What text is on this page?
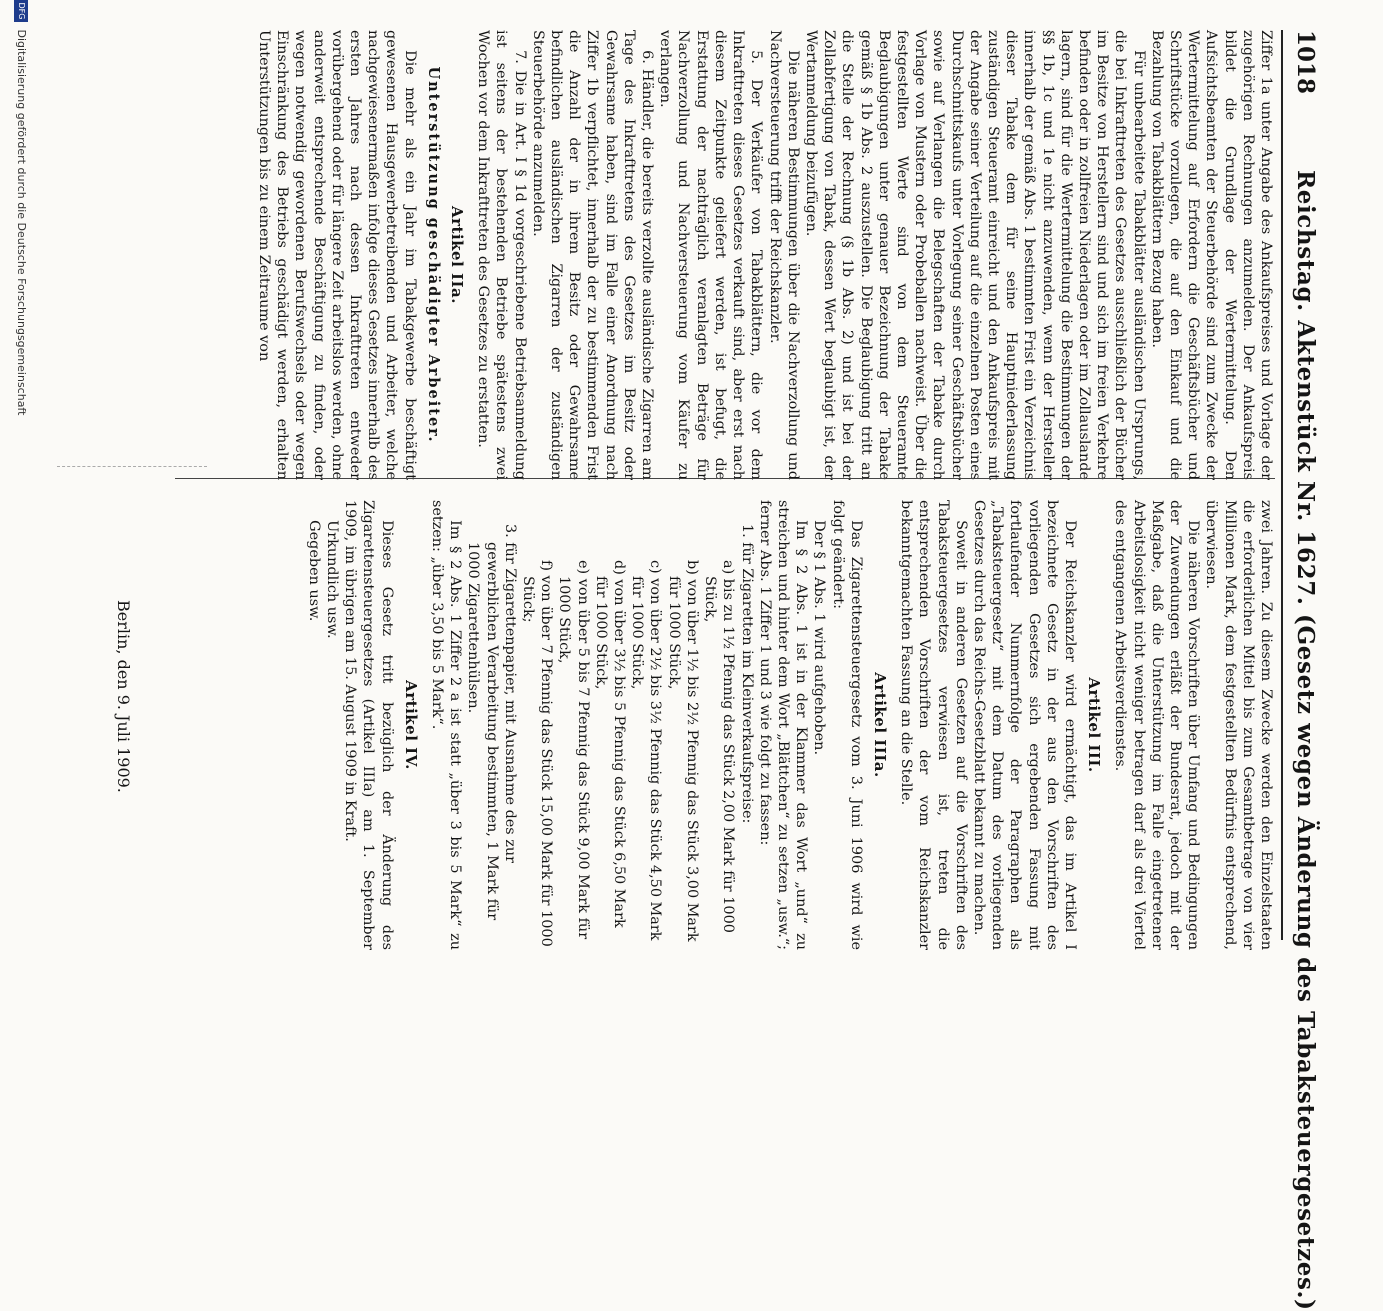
1018
Reichstag. Aktenstück Nr. 1627. (Gesetz wegen Änderung des Tabaksteuergesetzes.)

Ziffer 1a unter Angabe des Ankaufspreises und Vorlage der zugehörigen Rechnungen anzumelden. Der Ankaufspreis bildet die Grundlage der Wertermittelung. Den Aufsichtsbeamten der Steuerbehörde sind zum Zwecke der Wertermittelung auf Erfordern die Geschäftsbücher und Schriftstücke vorzulegen, die auf den Einkauf und die Bezahlung von Tabakblättern Bezug haben.

Für unbearbeitete Tabakblätter ausländischen Ursprungs, die bei Inkrafttreten des Gesetzes ausschließlich der Bücher im Besitze von Herstellern sind und sich im freien Verkehre befinden oder in zollfreien Niederlagen oder im Zollauslande lagern, sind für die Wertermittelung die Bestimmungen der §§ 1b, 1c und 1e nicht anzuwenden, wenn der Hersteller innerhalb der gemäß Abs. 1 bestimmten Frist ein Verzeichnis dieser Tabake dem für seine Hauptniederlassung zuständigen Steueramt einreicht und den Ankaufspreis mit der Angabe seiner Verteilung auf die einzelnen Posten eines Durchschnittskaufs unter Vorlegung seiner Geschäftsbücher sowie auf Verlangen die Belegschaften der Tabake durch Vorlage von Mustern oder Probeballen nachweist. Über die festgestellten Werte sind von dem Steueramte Beglaubigungen unter genauer Bezeichnung der Tabake gemäß § 1b Abs. 2 auszustellen. Die Beglaubigung tritt an die Stelle der Rechnung (§ 1b Abs. 2) und ist bei der Zollabfertigung von Tabak, dessen Wert beglaubigt ist, der Wertanmeldung beizufügen.

Die näheren Bestimmungen über die Nachverzollung und Nachversteuerung trifft der Reichskanzler.

5. Der Verkäufer von Tabakblättern, die vor dem Inkrafttreten dieses Gesetzes verkauft sind, aber erst nach diesem Zeitpunkte geliefert werden, ist befugt, die Erstattung der nachträglich veranlagten Beträge für Nachverzollung und Nachversteuerung vom Käufer zu verlangen.

6. Händler, die bereits verzollte ausländische Zigarren am Tage des Inkrafttretens des Gesetzes im Besitz oder Gewahrsame haben, sind im Falle einer Anordnung nach Ziffer 1b verpflichtet, innerhalb der zu bestimmenden Frist die Anzahl der in ihrem Besitz oder Gewahrsame befindlichen ausländischen Zigarren der zuständigen Steuerbehörde anzumelden.

7. Die in Art. I § 1d vorgeschriebene Betriebsanmeldung ist seitens der bestehenden Betriebe spätestens zwei Wochen vor dem Inkrafttreten des Gesetzes zu erstatten.

Artikel IIa.
Unterstützung geschädigter Arbeiter.

Die mehr als ein Jahr im Tabakgewerbe beschäftigt gewesenen Hausgewerbetreibenden und Arbeiter, welche nachgewiesenermaßen infolge dieses Gesetzes innerhalb des ersten Jahres nach dessen Inkrafttreten entweder vorübergehend oder für längere Zeit arbeitslos werden, ohne anderweit entsprechende Beschäftigung zu finden, oder wegen notwendig gewordenen Berufswechsels oder wegen Einschränkung des Betriebs geschädigt werden, erhalten Unterstützungen bis zu einem Zeitraume von

zwei Jahren. Zu diesem Zwecke werden den Einzelstaaten die erforderlichen Mittel bis zum Gesamtbetrage von vier Millionen Mark, dem festgestellten Bedürfnis entsprechend, überwiesen.

Die näheren Vorschriften über Umfang und Bedingungen der Zuwendungen erläßt der Bundesrat, jedoch mit der Maßgabe, daß die Unterstützung im Falle eingetretener Arbeitslosigkeit nicht weniger betragen darf als drei Viertel des entgangenen Arbeitsverdienstes.

Artikel III.

Der Reichskanzler wird ermächtigt, das im Artikel I bezeichnete Gesetz in der aus den Vorschriften des vorliegenden Gesetzes sich ergebenden Fassung mit fortlaufender Nummernfolge der Paragraphen als „Tabaksteuergesetz“ mit dem Datum des vorliegenden Gesetzes durch das Reichs-Gesetzblatt bekannt zu machen.

Soweit in anderen Gesetzen auf die Vorschriften des Tabaksteuergesetzes verwiesen ist, treten die entsprechenden Vorschriften der vom Reichskanzler bekanntgemachten Fassung an die Stelle.

Artikel IIIa.

Das Zigarettensteuergesetz vom 3. Juni 1906 wird wie folgt geändert:

Der § 1 Abs. 1 wird aufgehoben.

Im § 2 Abs. 1 ist in der Klammer das Wort „und“ zu streichen und hinter dem Wort „Blättchen“ zu setzen „usw.“; ferner Abs. 1 Ziffer 1 und 3 wie folgt zu fassen:

1. für Zigaretten im Kleinverkaufspreise:
a) bis zu 1½ Pfennig das Stück 2,00 Mark für 1000 Stück,
b) von über 1½ bis 2½ Pfennig das Stück 3,00 Mark für 1000 Stück,
c) von über 2½ bis 3½ Pfennig das Stück 4,50 Mark für 1000 Stück,
d) von über 3½ bis 5 Pfennig das Stück 6,50 Mark für 1000 Stück,
e) von über 5 bis 7 Pfennig das Stück 9,00 Mark für 1000 Stück,
f) von über 7 Pfennig das Stück 15,00 Mark für 1000 Stück;
3. für Zigarettenpapier, mit Ausnahme des zur gewerblichen Verarbeitung bestimmten, 1 Mark für 1000 Zigarettenhülsen.

Im § 2 Abs. 1 Ziffer 2 a ist statt „über 3 bis 5 Mark“ zu setzen: „über 3,50 bis 5 Mark“.

Artikel IV.

Dieses Gesetz tritt bezüglich der Änderung des Zigarettensteuergesetzes (Artikel IIIa) am 1. September 1909, im übrigen am 15. August 1909 in Kraft.

Urkundlich usw.

Gegeben usw.

Berlin, den 9. Juli 1909.
DFG Digitalisierung gefördert durch die Deutsche Forschungsgemeinschaft
